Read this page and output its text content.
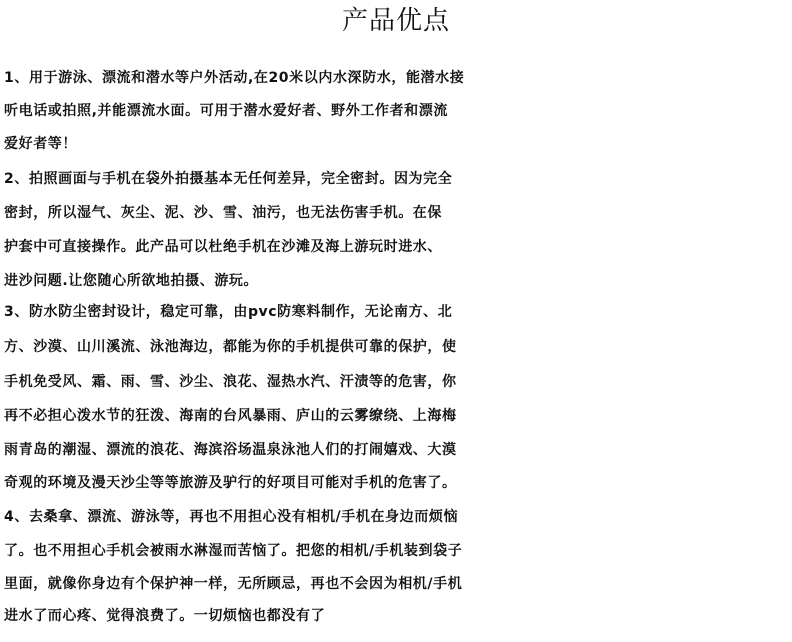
产品优点
1、用于游泳、漂流和潜水等户外活动,在20米以内水深防水，能潜水接
听电话或拍照,并能漂流水面。可用于潜水爱好者、野外工作者和漂流
爱好者等！
2、拍照画面与手机在袋外拍摄基本无任何差异，完全密封。因为完全
密封，所以湿气、灰尘、泥、沙、雪、油污，也无法伤害手机。在保
护套中可直接操作。此产品可以杜绝手机在沙滩及海上游玩时进水、
进沙问题.让您随心所欲地拍摄、游玩。
3、防水防尘密封设计，稳定可靠，由pvc防寒料制作，无论南方、北
方、沙漠、山川溪流、泳池海边，都能为你的手机提供可靠的保护，使
手机免受风、霜、雨、雪、沙尘、浪花、湿热水汽、汗渍等的危害，你
再不必担心泼水节的狂泼、海南的台风暴雨、庐山的云雾缭绕、上海梅
雨青岛的潮湿、漂流的浪花、海滨浴场温泉泳池人们的打闹嬉戏、大漠
奇观的环境及漫天沙尘等等旅游及驴行的好项目可能对手机的危害了。
4、去桑拿、漂流、游泳等，再也不用担心没有相机/手机在身边而烦恼
了。也不用担心手机会被雨水淋湿而苦恼了。把您的相机/手机装到袋子
里面，就像你身边有个保护神一样，无所顾忌，再也不会因为相机/手机
进水了而心疼、觉得浪费了。一切烦恼也都没有了
